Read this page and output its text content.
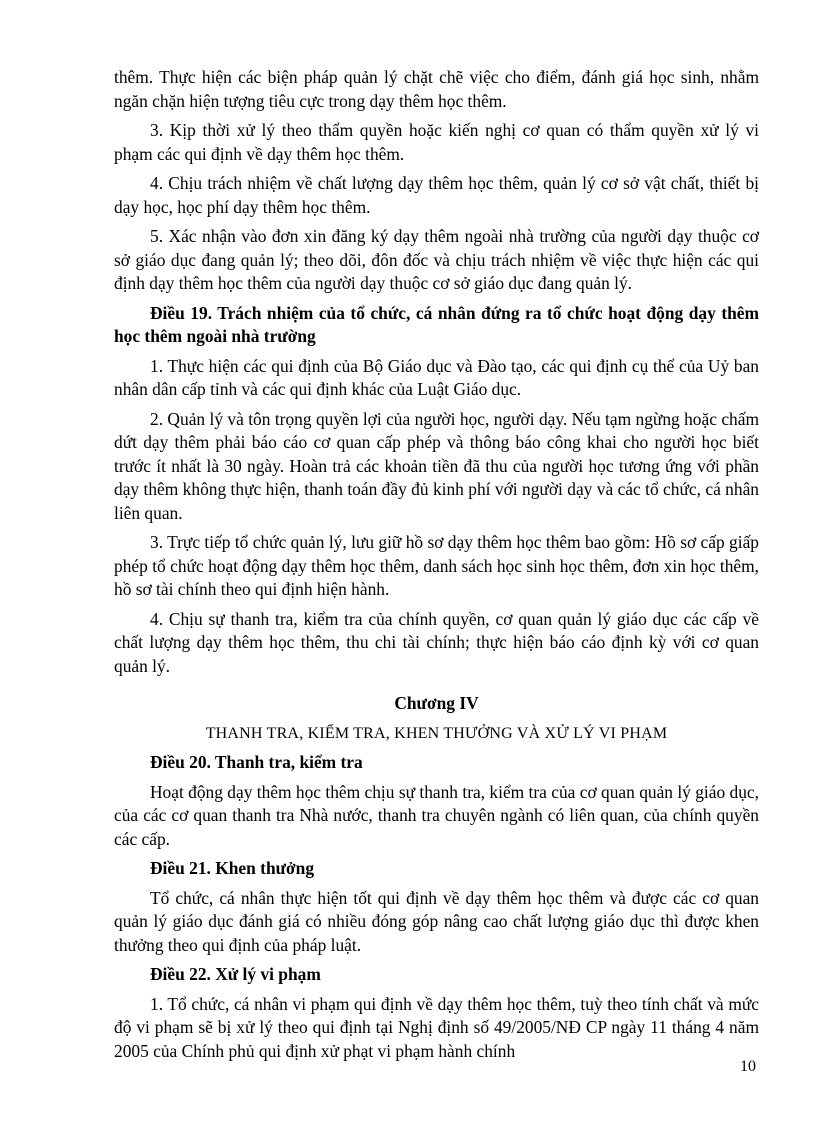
thêm. Thực hiện các biện pháp quản lý chặt chẽ việc cho điểm, đánh giá học sinh, nhằm ngăn chặn hiện tượng tiêu cực trong dạy thêm học thêm.

3. Kịp thời xử lý theo thẩm quyền hoặc kiến nghị cơ quan có thẩm quyền xử lý vi phạm các qui định về dạy thêm học thêm.

4. Chịu trách nhiệm về chất lượng dạy thêm học thêm, quản lý cơ sở vật chất, thiết bị dạy học, học phí dạy thêm học thêm.

5. Xác nhận vào đơn xin đăng ký dạy thêm ngoài nhà trường của người dạy thuộc cơ sở giáo dục đang quản lý; theo dõi, đôn đốc và chịu trách nhiệm về việc thực hiện các qui định dạy thêm học thêm của người dạy thuộc cơ sở giáo dục đang quản lý.

Điều 19. Trách nhiệm của tổ chức, cá nhân đứng ra tổ chức hoạt động dạy thêm học thêm ngoài nhà trường

1. Thực hiện các qui định của Bộ Giáo dục và Đào tạo, các qui định cụ thể của Uỷ ban nhân dân cấp tỉnh và các qui định khác của Luật Giáo dục.

2. Quản lý và tôn trọng quyền lợi của người học, người dạy. Nếu tạm ngừng hoặc chấm dứt dạy thêm phải báo cáo cơ quan cấp phép và thông báo công khai cho người học biết trước ít nhất là 30 ngày. Hoàn trả các khoản tiền đã thu của người học tương ứng với phần dạy thêm không thực hiện, thanh toán đầy đủ kinh phí với người dạy và các tổ chức, cá nhân liên quan.

3. Trực tiếp tổ chức quản lý, lưu giữ hồ sơ dạy thêm học thêm bao gồm: Hồ sơ cấp giấp phép tổ chức hoạt động dạy thêm học thêm, danh sách học sinh học thêm, đơn xin học thêm, hồ sơ tài chính theo qui định hiện hành.

4. Chịu sự thanh tra, kiểm tra của chính quyền, cơ quan quản lý giáo dục các cấp về chất lượng dạy thêm học thêm, thu chi tài chính; thực hiện báo cáo định kỳ với cơ quan quản lý.

Chương IV

THANH TRA, KIỂM TRA, KHEN THƯỞNG VÀ XỬ LÝ VI PHẠM

Điều 20. Thanh tra, kiểm tra

Hoạt động dạy thêm học thêm chịu sự thanh tra, kiểm tra của cơ quan quản lý giáo dục, của các cơ quan thanh tra Nhà nước, thanh tra chuyên ngành có liên quan, của chính quyền các cấp.

Điều 21. Khen thưởng

Tổ chức, cá nhân thực hiện tốt qui định về dạy thêm học thêm và được các cơ quan quản lý giáo dục đánh giá có nhiều đóng góp nâng cao chất lượng giáo dục thì được khen thưởng theo qui định của pháp luật.

Điều 22. Xử lý vi phạm

1. Tổ chức, cá nhân vi phạm qui định về dạy thêm học thêm, tuỳ theo tính chất và mức độ vi phạm sẽ bị xử lý theo qui định tại Nghị định số 49/2005/NĐ CP ngày 11 tháng 4 năm 2005 của Chính phủ qui định xử phạt vi phạm hành chính

10
